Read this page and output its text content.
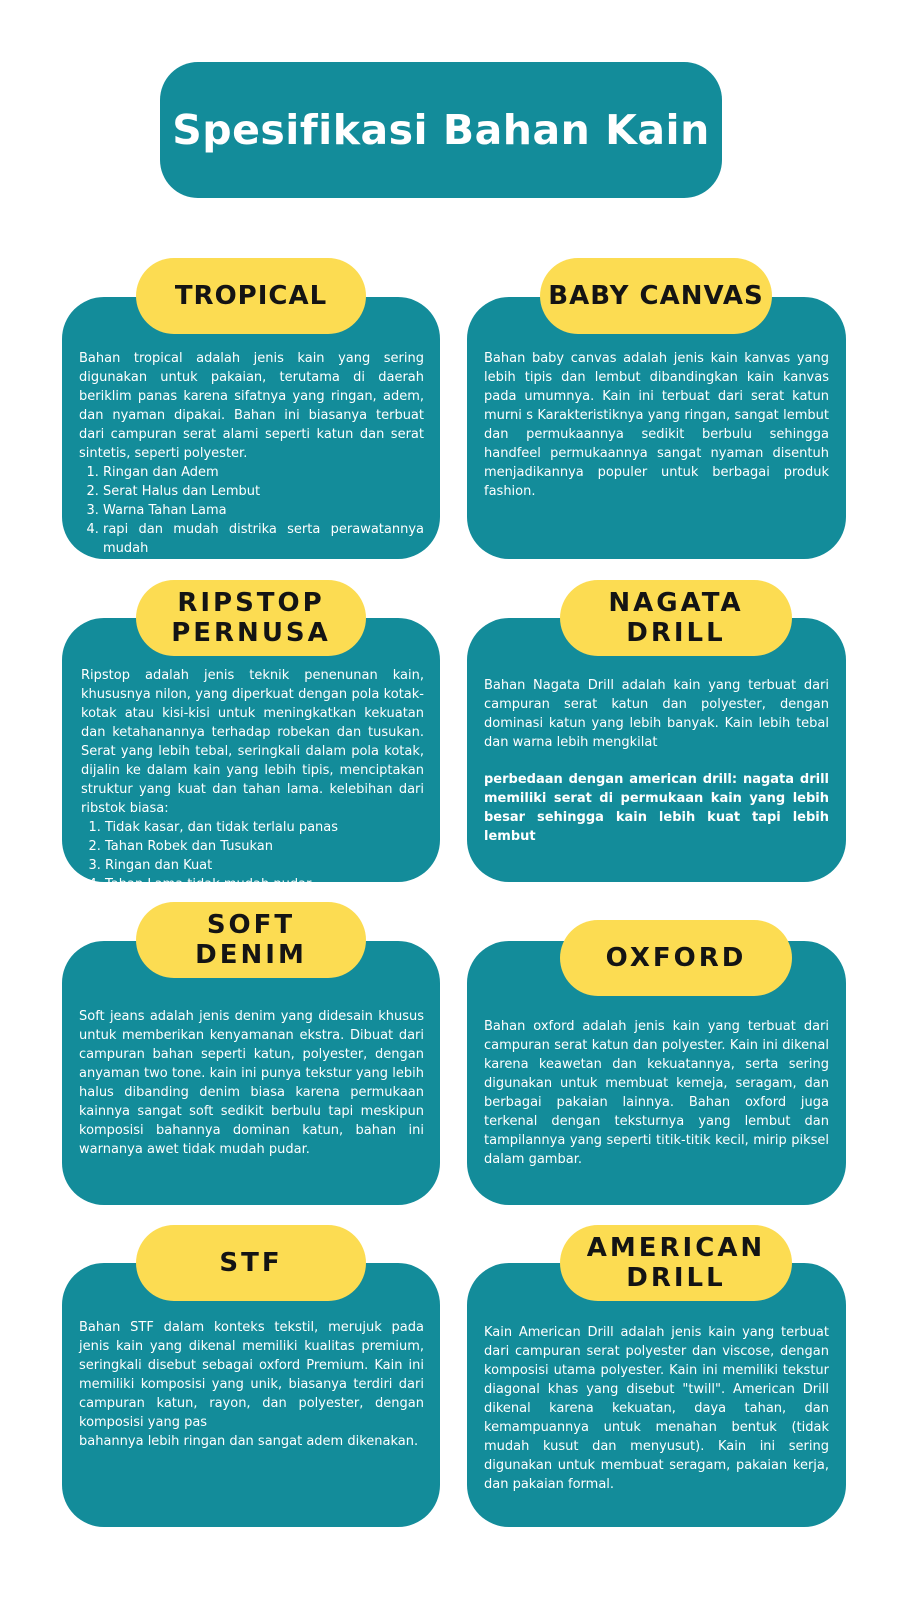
Spesifikasi Bahan Kain

Bahan tropical adalah jenis kain yang sering digunakan untuk pakaian, terutama di daerah beriklim panas karena sifatnya yang ringan, adem, dan nyaman dipakai. Bahan ini biasanya terbuat dari campuran serat alami seperti katun dan serat sintetis, seperti polyester.

1. Ringan dan Adem
2. Serat Halus dan Lembut
3. Warna Tahan Lama
4. rapi dan mudah distrika serta perawatannya mudah
TROPICAL

Bahan baby canvas adalah jenis kain kanvas yang lebih tipis dan lembut dibandingkan kain kanvas pada umumnya. Kain ini terbuat dari serat katun murni s Karakteristiknya yang ringan, sangat lembut dan permukaannya sedikit berbulu sehingga handfeel permukaannya sangat nyaman disentuh menjadikannya populer untuk berbagai produk fashion.

BABY CANVAS

Ripstop adalah jenis teknik penenunan kain, khususnya nilon, yang diperkuat dengan pola kotak-kotak atau kisi-kisi untuk meningkatkan kekuatan dan ketahanannya terhadap robekan dan tusukan. Serat yang lebih tebal, seringkali dalam pola kotak, dijalin ke dalam kain yang lebih tipis, menciptakan struktur yang kuat dan tahan lama. kelebihan dari ribstok biasa:

1. Tidak kasar, dan tidak terlalu panas
2. Tahan Robek dan Tusukan
3. Ringan dan Kuat
4. Tahan Lama tidak mudah pudar.
RIPSTOP
PERNUSA

Bahan Nagata Drill adalah kain yang terbuat dari campuran serat katun dan polyester, dengan dominasi katun yang lebih banyak. Kain lebih tebal dan warna lebih mengkilat

perbedaan dengan american drill: nagata drill memiliki serat di permukaan kain yang lebih besar sehingga kain lebih kuat tapi lebih lembut

NAGATA
DRILL

Soft jeans adalah jenis denim yang didesain khusus untuk memberikan kenyamanan ekstra. Dibuat dari campuran bahan seperti katun, polyester, dengan anyaman two tone. kain ini punya tekstur yang lebih halus dibanding denim biasa karena permukaan kainnya sangat soft sedikit berbulu tapi meskipun komposisi bahannya dominan katun, bahan ini warnanya awet tidak mudah pudar.

SOFT
DENIM

Bahan oxford adalah jenis kain yang terbuat dari campuran serat katun dan polyester. Kain ini dikenal karena keawetan dan kekuatannya, serta sering digunakan untuk membuat kemeja, seragam, dan berbagai pakaian lainnya. Bahan oxford juga terkenal dengan teksturnya yang lembut dan tampilannya yang seperti titik-titik kecil, mirip piksel dalam gambar.

OXFORD

Bahan STF dalam konteks tekstil, merujuk pada jenis kain yang dikenal memiliki kualitas premium, seringkali disebut sebagai oxford Premium. Kain ini memiliki komposisi yang unik, biasanya terdiri dari campuran katun, rayon, dan polyester, dengan komposisi yang pas

bahannya lebih ringan dan sangat adem dikenakan.

STF

Kain American Drill adalah jenis kain yang terbuat dari campuran serat polyester dan viscose, dengan komposisi utama polyester. Kain ini memiliki tekstur diagonal khas yang disebut "twill". American Drill dikenal karena kekuatan, daya tahan, dan kemampuannya untuk menahan bentuk (tidak mudah kusut dan menyusut). Kain ini sering digunakan untuk membuat seragam, pakaian kerja, dan pakaian formal.

AMERICAN
DRILL
